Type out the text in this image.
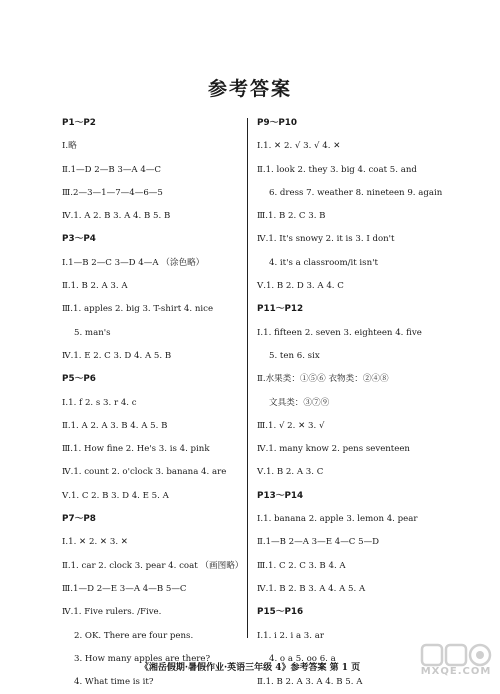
参考答案
P1～P2
Ⅰ.略
Ⅱ.1—D 2—B 3—A 4—C
Ⅲ.2—3—1—7—4—6—5
Ⅳ.1. A 2. B 3. A 4. B 5. B
P3～P4
Ⅰ.1—B 2—C 3—D 4—A （涂色略）
Ⅱ.1. B 2. A 3. A
Ⅲ.1. apples 2. big 3. T-shirt 4. nice
5. man's
Ⅳ.1. E 2. C 3. D 4. A 5. B
P5～P6
Ⅰ.1. f 2. s 3. r 4. c
Ⅱ.1. A 2. A 3. B 4. A 5. B
Ⅲ.1. How fine 2. He's 3. is 4. pink
Ⅳ.1. count 2. o'clock 3. banana 4. are
Ⅴ.1. C 2. B 3. D 4. E 5. A
P7～P8
Ⅰ.1. ✕ 2. ✕ 3. ✕
Ⅱ.1. car 2. clock 3. pear 4. coat （画图略）
Ⅲ.1—D 2—E 3—A 4—B 5—C
Ⅳ.1. Five rulers. /Five.
2. OK. There are four pens.
3. How many apples are there?
4. What time is it?
P9～P10
Ⅰ.1. ✕ 2. √ 3. √ 4. ✕
Ⅱ.1. look 2. they 3. big 4. coat 5. and
6. dress 7. weather 8. nineteen 9. again
Ⅲ.1. B 2. C 3. B
Ⅳ.1. It's snowy 2. it is 3. I don't
4. it's a classroom/it isn't
Ⅴ.1. B 2. D 3. A 4. C
P11～P12
Ⅰ.1. fifteen 2. seven 3. eighteen 4. five
5. ten 6. six
Ⅱ.水果类：①⑤⑥ 衣物类：②④⑧
文具类：③⑦⑨
Ⅲ.1. √ 2. ✕ 3. √
Ⅳ.1. many know 2. pens seventeen
Ⅴ.1. B 2. A 3. C
P13～P14
Ⅰ.1. banana 2. apple 3. lemon 4. pear
Ⅱ.1—B 2—A 3—E 4—C 5—D
Ⅲ.1. C 2. C 3. B 4. A
Ⅳ.1. B 2. B 3. A 4. A 5. A
P15～P16
Ⅰ.1. i 2. i a 3. ar
4. o a 5. oo 6. a
Ⅱ.1. B 2. A 3. A 4. B 5. A
《湘岳假期·暑假作业·英语三年级 4》参考答案 第 1 页	MXQE.COM
